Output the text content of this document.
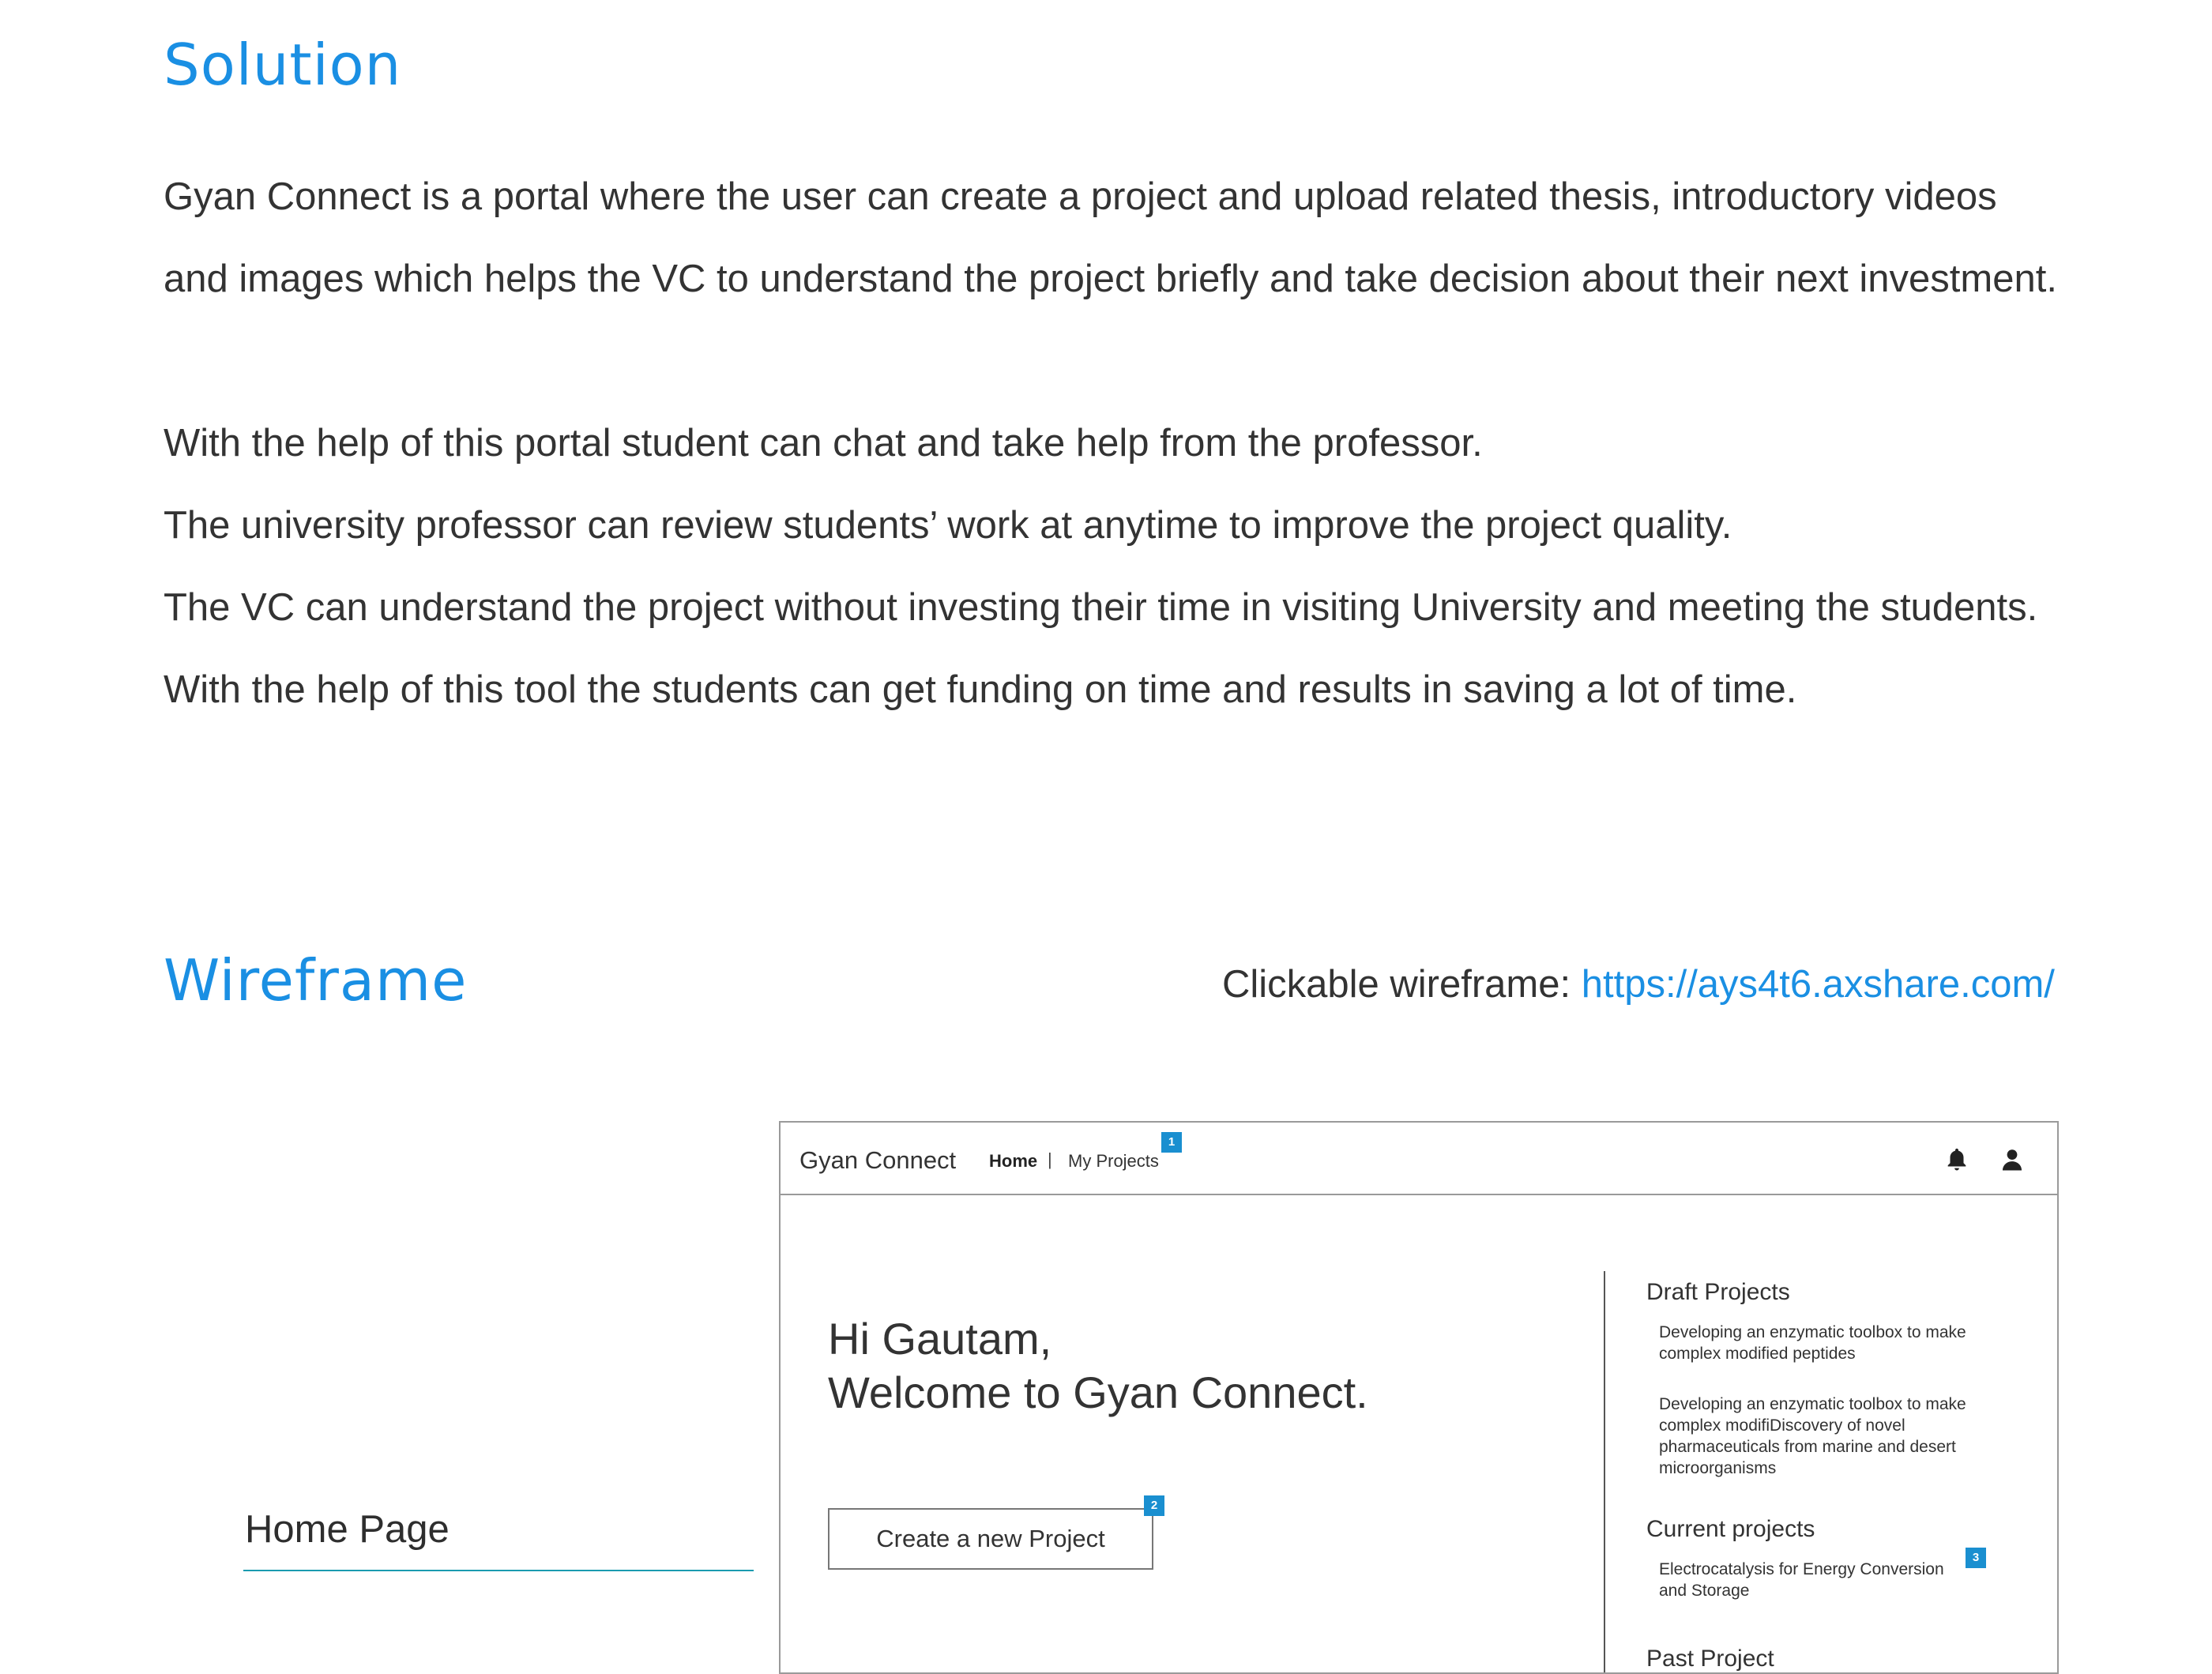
Solution

Gyan Connect is a portal where the user can create a project and upload related thesis, introductory videos

and images which helps the VC to understand the project briefly and take decision about their next investment.

With the help of this portal student can chat and take help from the professor.

The university professor can review students’ work at anytime to improve the project quality.

The VC can understand the project without investing their time in visiting University and meeting the students.

With the help of this tool the students can get funding on time and results in saving a lot of time.

Wireframe	Clickable wireframe: https://ays4t6.axshare.com/
Home Page
Gyan Connect Home | My Projects
1
Hi Gautam,
Welcome to Gyan Connect.
Create a new Project
2
Draft Projects
Developing an enzymatic toolbox to make complex modified peptides
Developing an enzymatic toolbox to make complex modifiDiscovery of novel pharmaceuticals from marine and desert microorganisms
Current projects
Electrocatalysis for Energy Conversion and Storage
3
Past Project
